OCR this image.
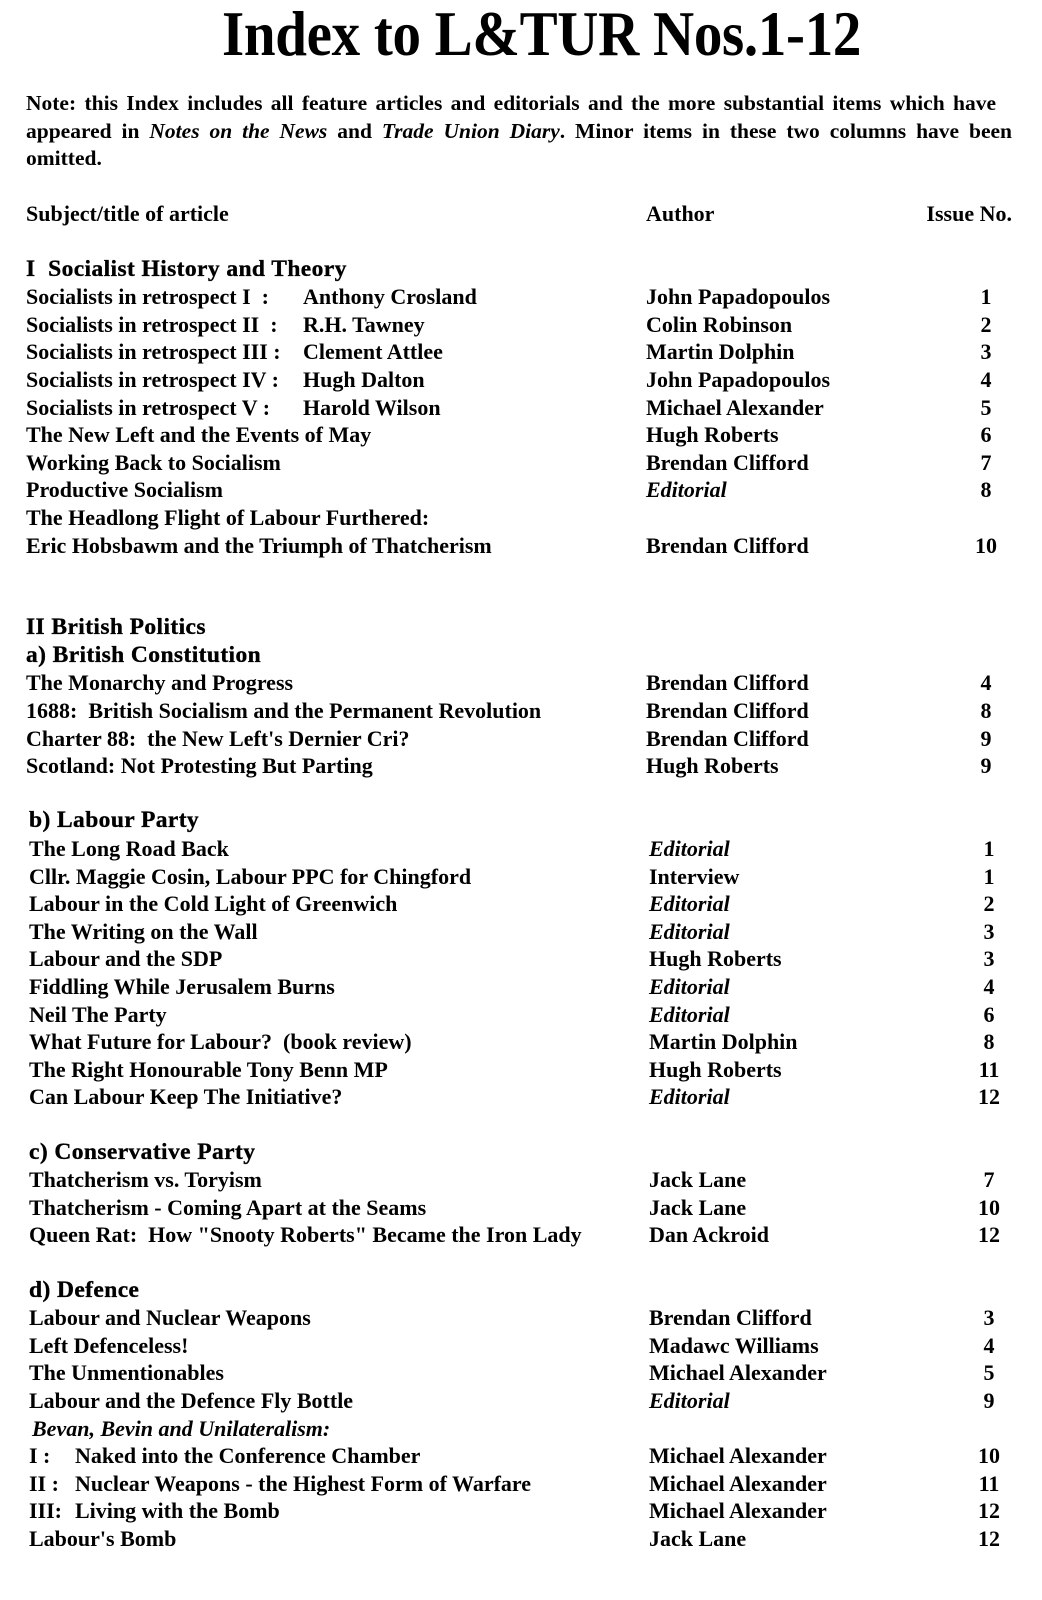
Index to L&TUR Nos.1-12
Note: this Index includes all feature articles and editorials and the more substantial items which have
appeared in Notes on the News and Trade Union Diary. Minor items in these two columns have been
omitted.
Subject/title of article	Author	Issue No.
I  Socialist History and Theory
Socialists in retrospect I  : Anthony Crosland	John Papadopoulos	1
Socialists in retrospect II  : R.H. Tawney	Colin Robinson	2
Socialists in retrospect III : Clement Attlee	Martin Dolphin	3
Socialists in retrospect IV : Hugh Dalton	John Papadopoulos	4
Socialists in retrospect V : Harold Wilson	Michael Alexander	5
The New Left and the Events of May	Hugh Roberts	6
Working Back to Socialism	Brendan Clifford	7
Productive Socialism	Editorial	8
The Headlong Flight of Labour Furthered:
Eric Hobsbawm and the Triumph of Thatcherism	Brendan Clifford	10
II British Politics
a) British Constitution
The Monarchy and Progress	Brendan Clifford	4
1688:  British Socialism and the Permanent Revolution	Brendan Clifford	8
Charter 88:  the New Left's Dernier Cri?	Brendan Clifford	9
Scotland: Not Protesting But Parting	Hugh Roberts	9
b) Labour Party
The Long Road Back	Editorial	1
Cllr. Maggie Cosin, Labour PPC for Chingford	Interview	1
Labour in the Cold Light of Greenwich	Editorial	2
The Writing on the Wall	Editorial	3
Labour and the SDP	Hugh Roberts	3
Fiddling While Jerusalem Burns	Editorial	4
Neil The Party	Editorial	6
What Future for Labour?  (book review)	Martin Dolphin	8
The Right Honourable Tony Benn MP	Hugh Roberts	11
Can Labour Keep The Initiative?	Editorial	12
c) Conservative Party
Thatcherism vs. Toryism	Jack Lane	7
Thatcherism - Coming Apart at the Seams	Jack Lane	10
Queen Rat:  How "Snooty Roberts" Became the Iron Lady	Dan Ackroid	12
d) Defence
Labour and Nuclear Weapons	Brendan Clifford	3
Left Defenceless!	Madawc Williams	4
The Unmentionables	Michael Alexander	5
Labour and the Defence Fly Bottle	Editorial	9
Bevan, Bevin and Unilateralism:
I : Naked into the Conference Chamber	Michael Alexander	10
II : Nuclear Weapons - the Highest Form of Warfare	Michael Alexander	11
III: Living with the Bomb	Michael Alexander	12
Labour's Bomb	Jack Lane	12
